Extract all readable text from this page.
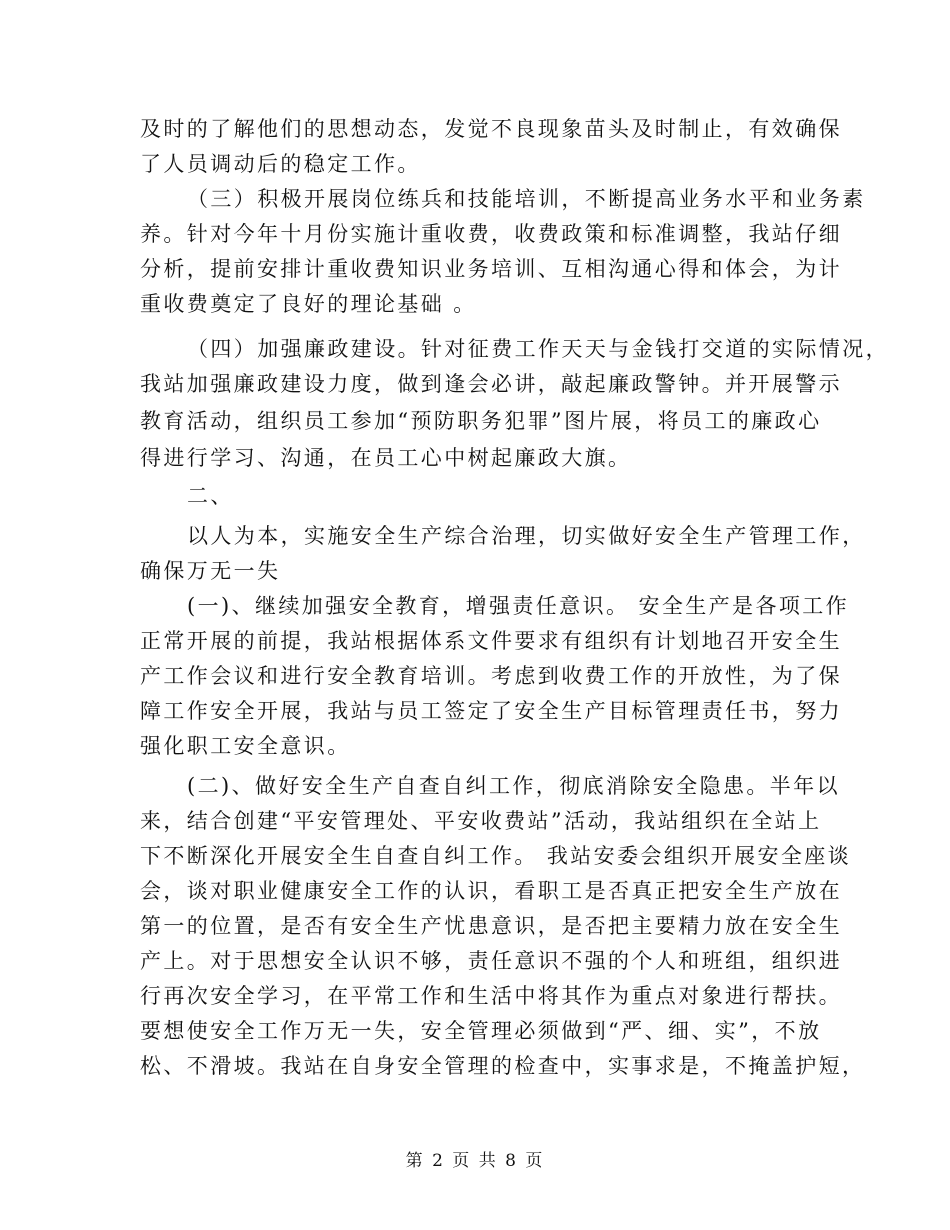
及时的了解他们的思想动态，发觉不良现象苗头及时制止，有效确保
了人员调动后的稳定工作。
（三）积极开展岗位练兵和技能培训，不断提高业务水平和业务素
养。针对今年十月份实施计重收费，收费政策和标准调整，我站仔细
分析，提前安排计重收费知识业务培训、互相沟通心得和体会，为计
重收费奠定了良好的理论基础 。
（四）加强廉政建设。针对征费工作天天与金钱打交道的实际情况，
我站加强廉政建设力度，做到逢会必讲，敲起廉政警钟。并开展警示
教育活动，组织员工参加“预防职务犯罪”图片展，将员工的廉政心
得进行学习、沟通，在员工心中树起廉政大旗。
二、
以人为本，实施安全生产综合治理，切实做好安全生产管理工作，
确保万无一失
(一)、继续加强安全教育，增强责任意识。 安全生产是各项工作
正常开展的前提，我站根据体系文件要求有组织有计划地召开安全生
产工作会议和进行安全教育培训。考虑到收费工作的开放性，为了保
障工作安全开展，我站与员工签定了安全生产目标管理责任书，努力
强化职工安全意识。
(二)、做好安全生产自查自纠工作，彻底消除安全隐患。半年以
来，结合创建“平安管理处、平安收费站”活动，我站组织在全站上
下不断深化开展安全生自查自纠工作。 我站安委会组织开展安全座谈
会，谈对职业健康安全工作的认识，看职工是否真正把安全生产放在
第一的位置，是否有安全生产忧患意识，是否把主要精力放在安全生
产上。对于思想安全认识不够，责任意识不强的个人和班组，组织进
行再次安全学习，在平常工作和生活中将其作为重点对象进行帮扶。
要想使安全工作万无一失，安全管理必须做到“严、细、实”，不放
松、不滑坡。我站在自身安全管理的检查中，实事求是，不掩盖护短，
第 2 页 共 8 页
